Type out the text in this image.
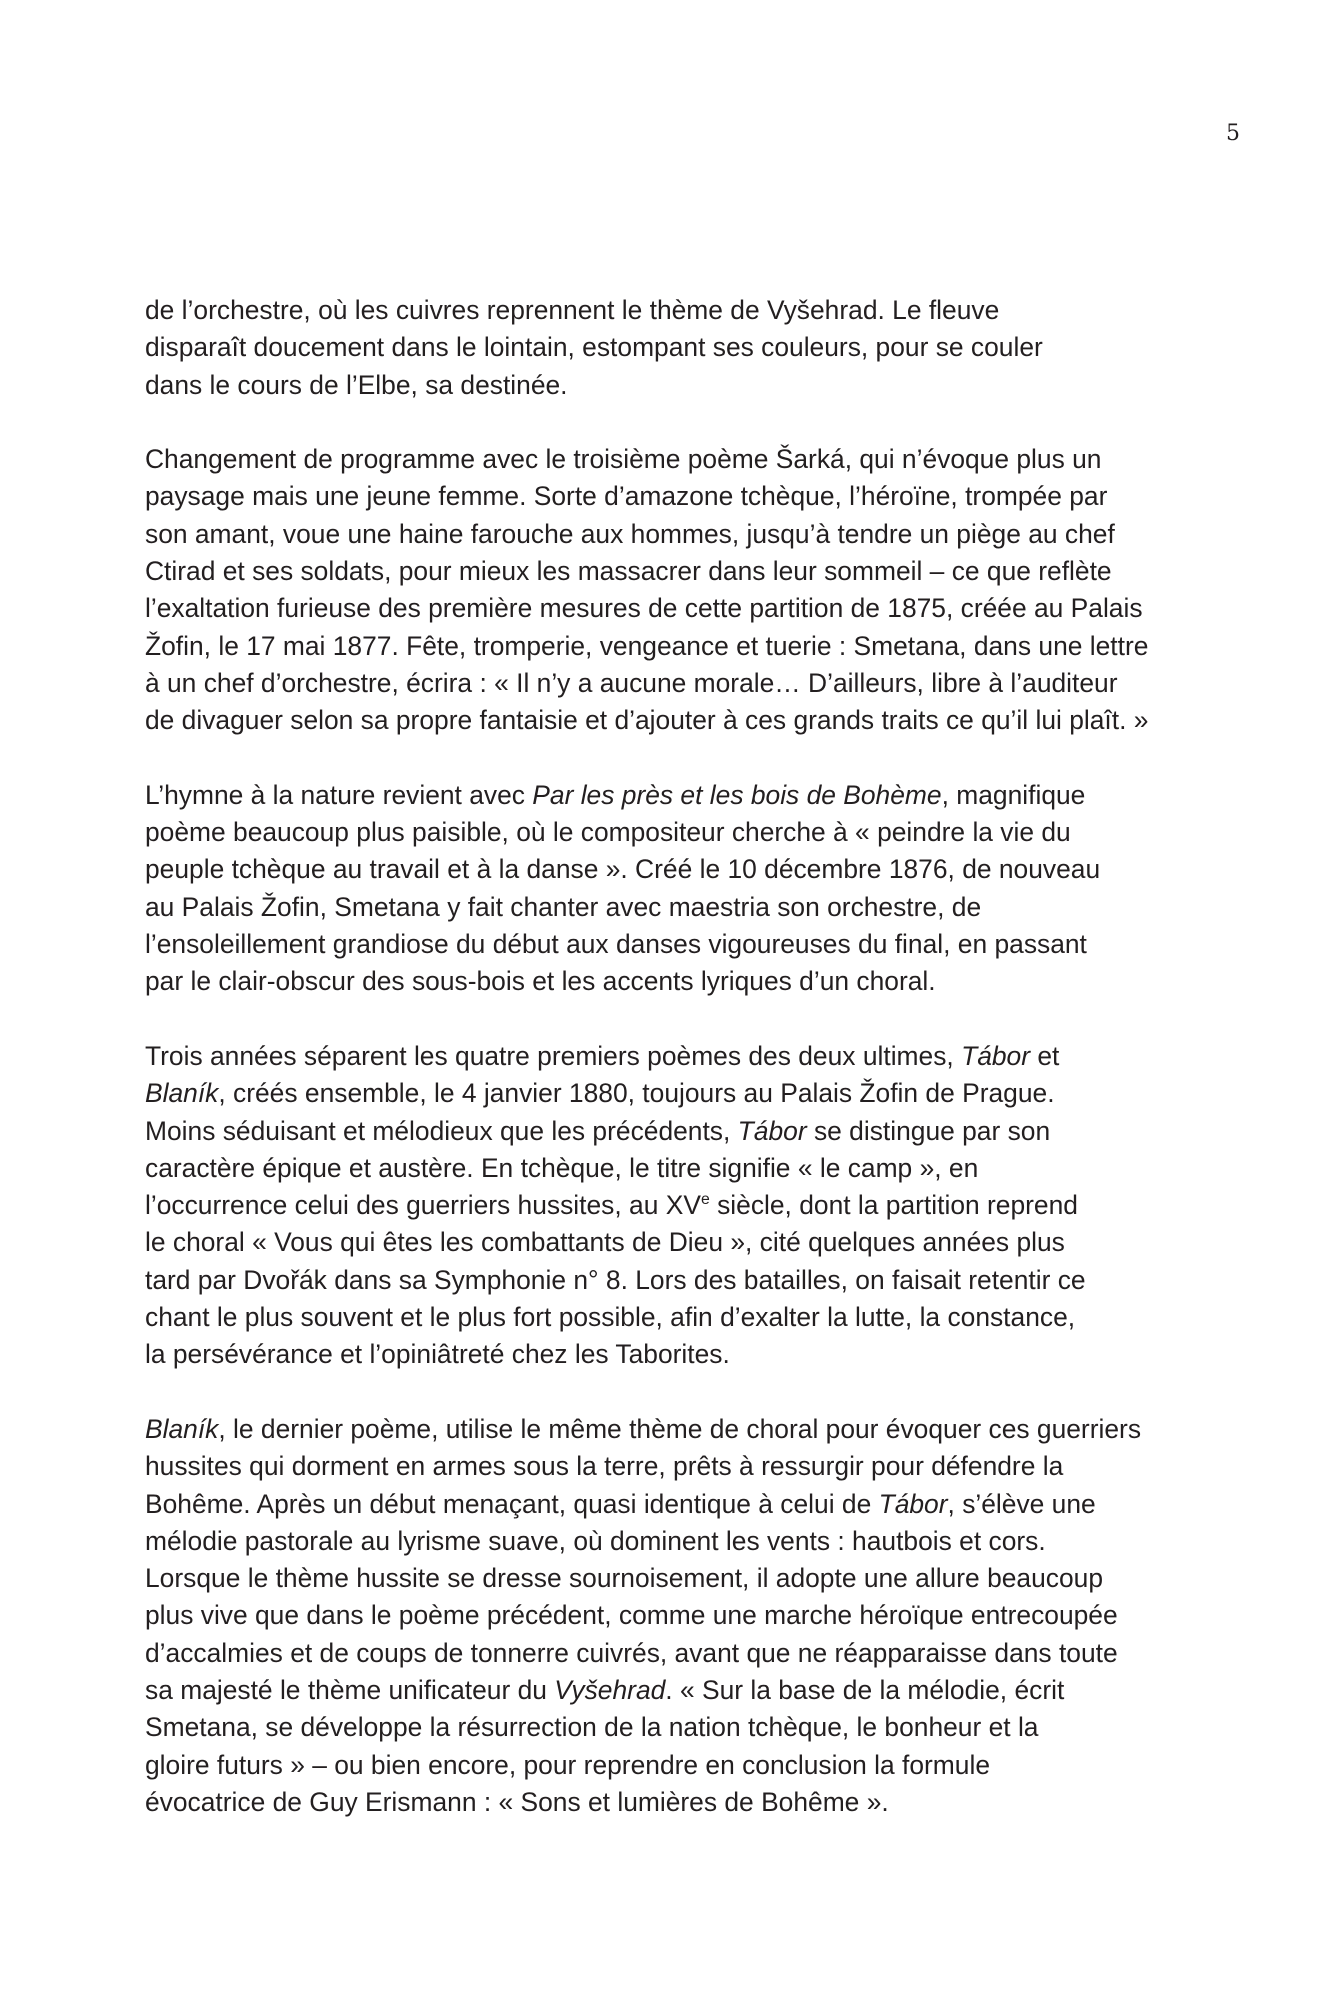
5

de l’orchestre, où les cuivres reprennent le thème de Vyšehrad. Le fleuve
disparaît doucement dans le lointain, estompant ses couleurs, pour se couler
dans le cours de l’Elbe, sa destinée.

Changement de programme avec le troisième poème Šarká, qui n’évoque plus un
paysage mais une jeune femme. Sorte d’amazone tchèque, l’héroïne, trompée par
son amant, voue une haine farouche aux hommes, jusqu’à tendre un piège au chef
Ctirad et ses soldats, pour mieux les massacrer dans leur sommeil – ce que reflète
l’exaltation furieuse des première mesures de cette partition de 1875, créée au Palais
Žofin, le 17 mai 1877. Fête, tromperie, vengeance et tuerie : Smetana, dans une lettre
à un chef d’orchestre, écrira : « Il n’y a aucune morale… D’ailleurs, libre à l’auditeur
de divaguer selon sa propre fantaisie et d’ajouter à ces grands traits ce qu’il lui plaît. »

L’hymne à la nature revient avec Par les près et les bois de Bohème, magnifique
poème beaucoup plus paisible, où le compositeur cherche à « peindre la vie du
peuple tchèque au travail et à la danse ». Créé le 10 décembre 1876, de nouveau
au Palais Žofin, Smetana y fait chanter avec maestria son orchestre, de
l’ensoleillement grandiose du début aux danses vigoureuses du final, en passant
par le clair-obscur des sous-bois et les accents lyriques d’un choral.

Trois années séparent les quatre premiers poèmes des deux ultimes, Tábor et
Blaník, créés ensemble, le 4 janvier 1880, toujours au Palais Žofin de Prague.
Moins séduisant et mélodieux que les précédents, Tábor se distingue par son
caractère épique et austère. En tchèque, le titre signifie « le camp », en
l’occurrence celui des guerriers hussites, au XVe siècle, dont la partition reprend
le choral « Vous qui êtes les combattants de Dieu », cité quelques années plus
tard par Dvořák dans sa Symphonie n° 8. Lors des batailles, on faisait retentir ce
chant le plus souvent et le plus fort possible, afin d’exalter la lutte, la constance,
la persévérance et l’opiniâtreté chez les Taborites.

Blaník, le dernier poème, utilise le même thème de choral pour évoquer ces guerriers
hussites qui dorment en armes sous la terre, prêts à ressurgir pour défendre la
Bohême. Après un début menaçant, quasi identique à celui de Tábor, s’élève une
mélodie pastorale au lyrisme suave, où dominent les vents : hautbois et cors.
Lorsque le thème hussite se dresse sournoisement, il adopte une allure beaucoup
plus vive que dans le poème précédent, comme une marche héroïque entrecoupée
d’accalmies et de coups de tonnerre cuivrés, avant que ne réapparaisse dans toute
sa majesté le thème unificateur du Vyšehrad. « Sur la base de la mélodie, écrit
Smetana, se développe la résurrection de la nation tchèque, le bonheur et la
gloire futurs » – ou bien encore, pour reprendre en conclusion la formule
évocatrice de Guy Erismann : « Sons et lumières de Bohême ».
